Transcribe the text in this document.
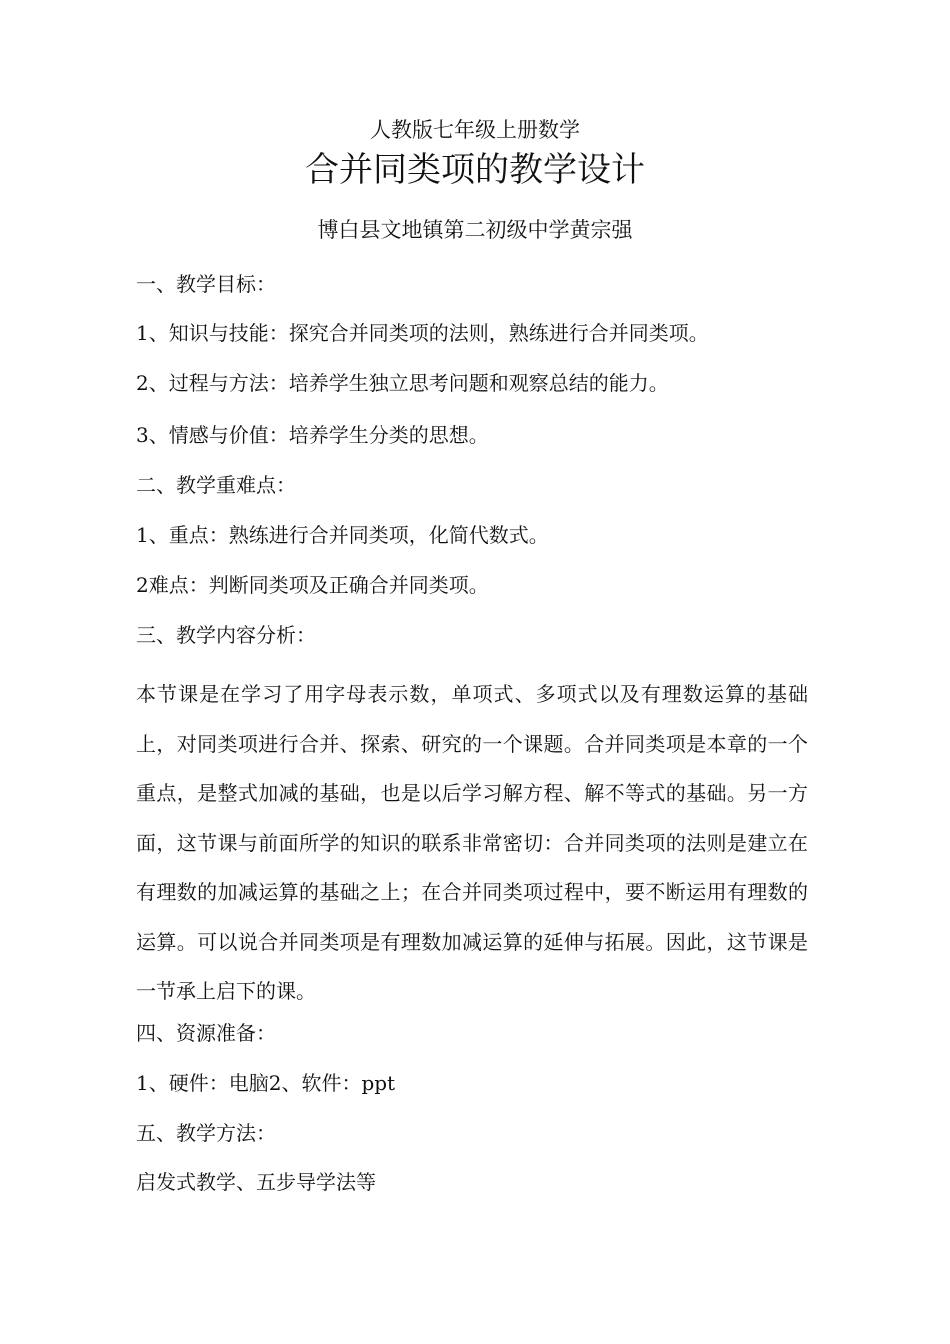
人教版七年级上册数学
合并同类项的教学设计
博白县文地镇第二初级中学黄宗强
一、教学目标：
1、知识与技能：探究合并同类项的法则，熟练进行合并同类项。
2、过程与方法：培养学生独立思考问题和观察总结的能力。
3、情感与价值：培养学生分类的思想。
二、教学重难点：
1、重点：熟练进行合并同类项，化简代数式。
2难点：判断同类项及正确合并同类项。
三、教学内容分析：
本节课是在学习了用字母表示数，单项式、多项式以及有理数运算的基础上，对同类项进行合并、探索、研究的一个课题。合并同类项是本章的一个重点，是整式加减的基础，也是以后学习解方程、解不等式的基础。另一方面，这节课与前面所学的知识的联系非常密切：合并同类项的法则是建立在有理数的加减运算的基础之上；在合并同类项过程中，要不断运用有理数的运算。可以说合并同类项是有理数加减运算的延伸与拓展。因此，这节课是一节承上启下的课。
四、资源准备：
1、硬件：电脑2、软件：ppt
五、教学方法：
启发式教学、五步导学法等
